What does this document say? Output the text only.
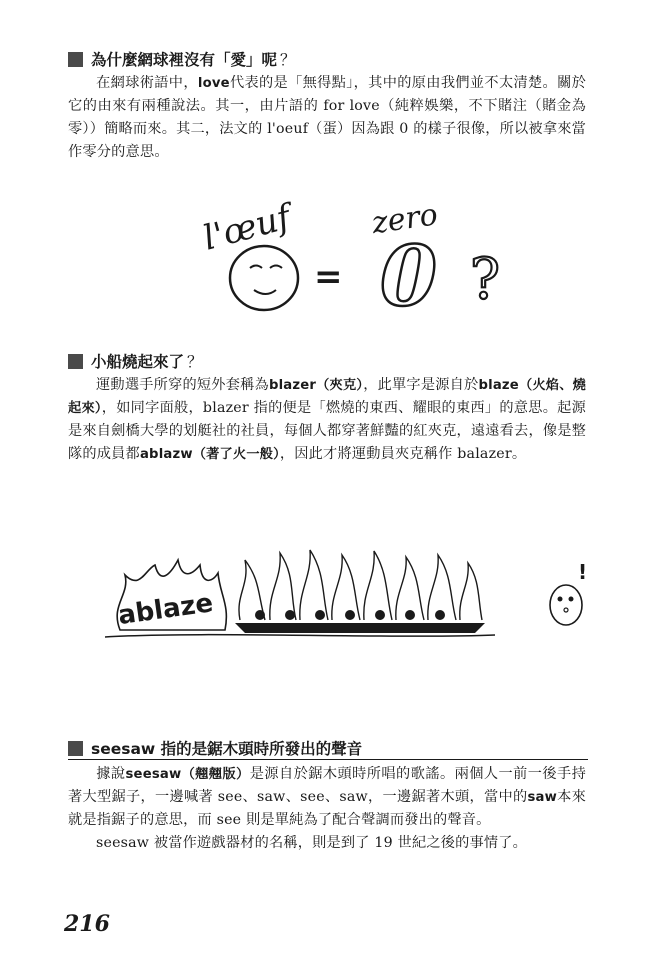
為什麼網球裡沒有「愛」呢 ？
在網球術語中，love代表的是「無得點」，其中的原由我們並不太清楚。關於它的由來有兩種說法。其一，由片語的 for love（純粹娛樂，不下賭注（賭金為零））簡略而來。其二，法文的 l'oeuf（蛋）因為跟 0 的樣子很像，所以被拿來當作零分的意思。
l'œuf
=
zero
0 ?
小船燒起來了 ？
運動選手所穿的短外套稱為blazer（夾克），此單字是源自於blaze（火焰、燒起來），如同字面般，blazer 指的便是「燃燒的東西、耀眼的東西」的意思。起源是來自劍橋大學的划艇社的社員，每個人都穿著鮮豔的紅夾克，遠遠看去，像是整隊的成員都ablazw（著了火一般），因此才將運動員夾克稱作 balazer。
ablaze
!
seesaw 指的是鋸木頭時所發出的聲音
據說seesaw（翹翹版）是源自於鋸木頭時所唱的歌謠。兩個人一前一後手持著大型鋸子，一邊喊著 see、saw、see、saw，一邊鋸著木頭，當中的saw本來就是指鋸子的意思，而 see 則是單純為了配合聲調而發出的聲音。
seesaw 被當作遊戲器材的名稱，則是到了 19 世紀之後的事情了。
216
